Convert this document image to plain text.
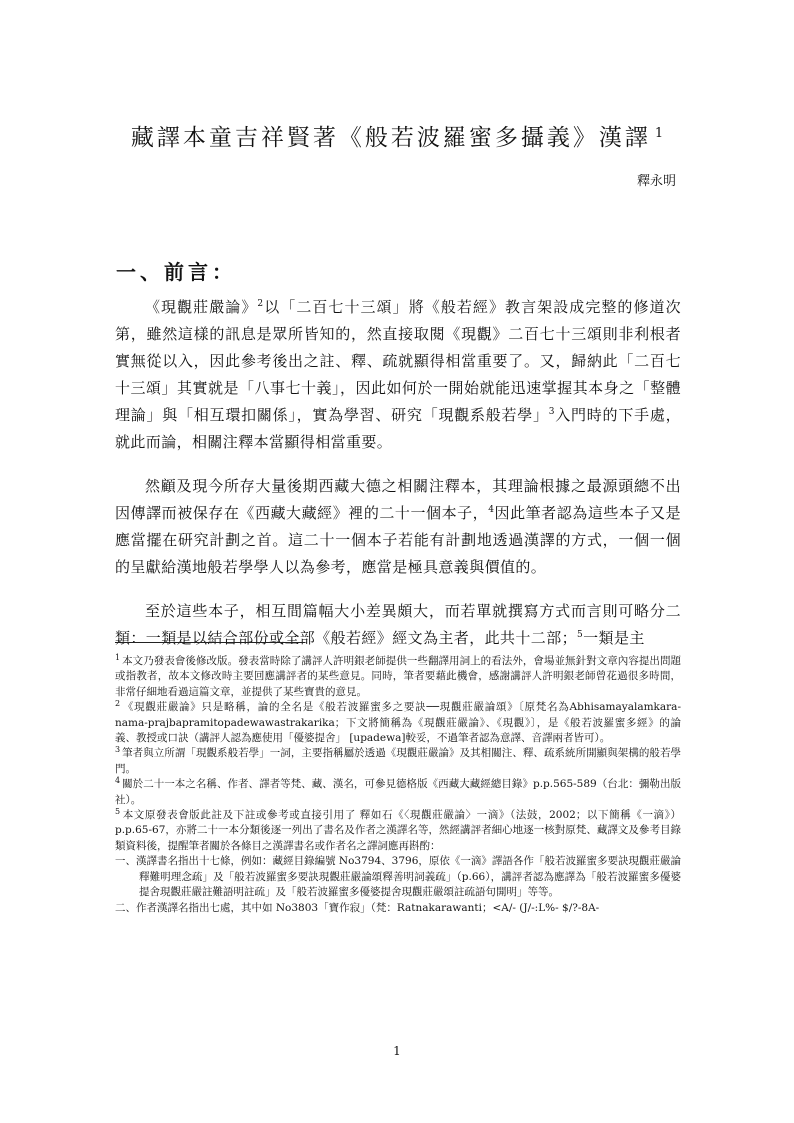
藏譯本童吉祥賢著《般若波羅蜜多攝義》漢譯 $^1$
釋永明
一、前言：

《現觀莊嚴論》$^2$以「二百七十三頌」將《般若經》教言架設成完整的修道次第，雖然這樣的訊息是眾所皆知的，然直接取閱《現觀》二百七十三頌則非利根者實無從以入，因此參考後出之註、釋、疏就顯得相當重要了。又，歸納此「二百七十三頌」其實就是「八事七十義」，因此如何於一開始就能迅速掌握其本身之「整體理論」與「相互環扣關係」，實為學習、研究「現觀系般若學」$^3$入門時的下手處，就此而論，相關注釋本當顯得相當重要。

然顧及現今所存大量後期西藏大德之相關注釋本，其理論根據之最源頭總不出因傳譯而被保存在《西藏大藏經》裡的二十一個本子，$^4$因此筆者認為這些本子又是應當擺在研究計劃之首。這二十一個本子若能有計劃地透過漢譯的方式，一個一個的呈獻給漢地般若學學人以為參考，應當是極具意義與價值的。

至於這些本子，相互間篇幅大小差異頗大，而若單就撰寫方式而言則可略分二類：一類是以結合部份或全部《般若經》經文為主者，此共十二部；$^5$一類是主

$^1$ 本文乃發表會後修改版。發表當時除了講評人許明銀老師提供一些翻譯用詞上的看法外，會場並無針對文章內容提出問題或指教者，故本文修改時主要回應講評者的某些意見。同時，筆者要藉此機會，感謝講評人許明銀老師曾花過很多時間，非常仔細地看過這篇文章，並提供了某些寶貴的意見。

$^2$ 《現觀莊嚴論》只是略稱，論的全名是《般若波羅蜜多之要訣──現觀莊嚴論頌》〔原梵名為Abhisamayalamkara-nama-prajbapramitopadewawastrakarika；下文將簡稱為《現觀莊嚴論》、《現觀》〕，是《般若波羅蜜多經》的論義、教授或口訣（講評人認為應使用「優婆提舍」 [upadewa]較妥，不過筆者認為意譯、音譯兩者皆可）。

$^3$ 筆者與立所謂「現觀系般若學」一詞，主要指稱屬於透過《現觀莊嚴論》及其相關注、釋、疏系統所開顯與架構的般若學門。

$^4$ 關於二十一本之名稱、作者、譯者等梵、藏、漢名，可參見德格版《西藏大藏經總目錄》p.p.565-589（台北：彌勒出版社）。

$^5$ 本文原發表會版此註及下註或參考或直接引用了 釋如石《〈現觀莊嚴論〉一滴》（法鼓，2002；以下簡稱《一滴》）p.p.65-67，亦將二十一本分類後逐一列出了書名及作者之漢譯名等，然經講評者細心地逐一核對原梵、藏譯文及參考目錄類資料後，提醒筆者關於各條目之漢譯書名或作者名之譯詞應再斟酌：

一、漢譯書名指出十七條，例如：藏經目錄編號 No3794、3796，原依《一滴》譯語各作「般若波羅蜜多要訣現觀莊嚴論釋難明理念疏」及「般若波羅蜜多要訣現觀莊嚴論頌釋善明詞義疏」（p.66），講評者認為應譯為「般若波羅蜜多優婆提舍現觀莊嚴註難語明註疏」及「般若波羅蜜多優婆提舍現觀莊嚴頌註疏語句開明」等等。

二、作者漢譯名指出七處，其中如 No3803「寶作寂」（梵：Ratnakarawanti；<A/- (J/-:L%- $/?-8A-

1
